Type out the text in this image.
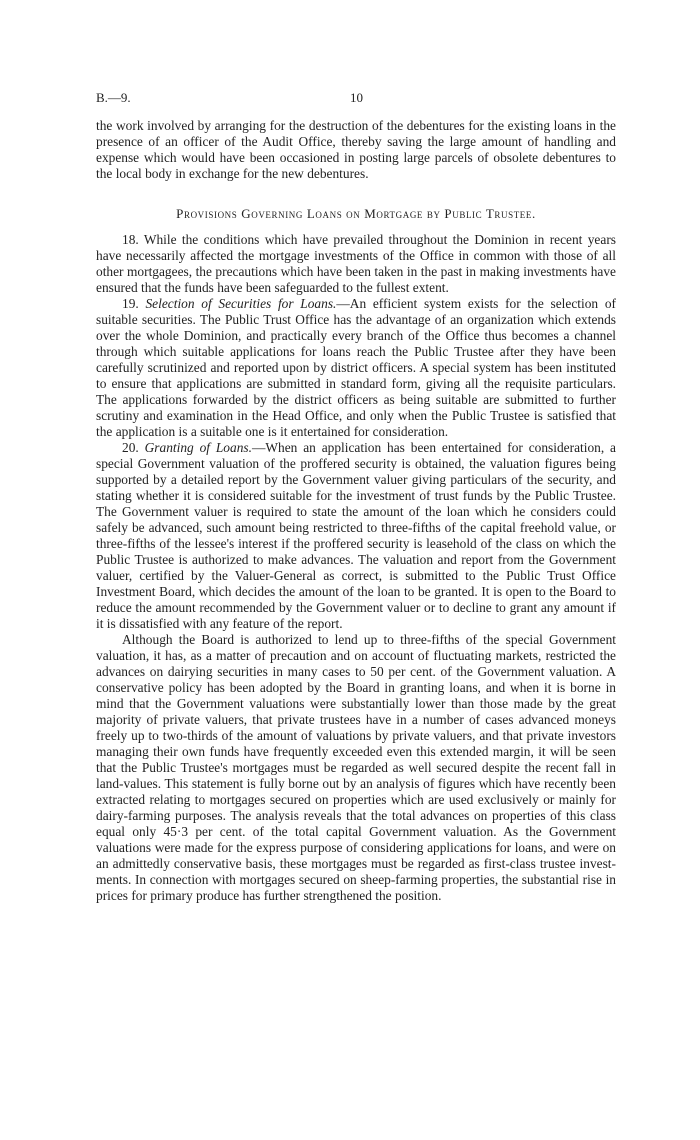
B.—9.	10

the work involved by arranging for the destruction of the debentures for the existing loans in the presence of an officer of the Audit Office, thereby saving the large amount of handling and expense which would have been occasioned in posting large parcels of obsolete debentures to the local body in exchange for the new debentures.

Provisions Governing Loans on Mortgage by Public Trustee.

18. While the conditions which have prevailed throughout the Dominion in recent years have necessarily affected the mortgage investments of the Office in common with those of all other mortgagees, the precautions which have been taken in the past in making investments have ensured that the funds have been safeguarded to the fullest extent.

19. Selection of Securities for Loans.—An efficient system exists for the selection of suitable securities. The Public Trust Office has the advantage of an organization which extends over the whole Dominion, and practically every branch of the Office thus becomes a channel through which suitable applications for loans reach the Public Trustee after they have been carefully scrutinized and reported upon by district officers. A special system has been instituted to ensure that applications are submitted in standard form, giving all the requisite particulars. The applications forwarded by the district officers as being suitable are submitted to further scrutiny and examination in the Head Office, and only when the Public Trustee is satisfied that the application is a suitable one is it entertained for consideration.

20. Granting of Loans.—When an application has been entertained for consideration, a special Government valuation of the proffered security is obtained, the valuation figures being supported by a detailed report by the Government valuer giving particulars of the security, and stating whether it is considered suitable for the investment of trust funds by the Public Trustee. The Government valuer is required to state the amount of the loan which he considers could safely be advanced, such amount being restricted to three-fifths of the capital freehold value, or three-fifths of the lessee's interest if the proffered security is leasehold of the class on which the Public Trustee is authorized to make advances. The valuation and report from the Government valuer, certified by the Valuer-General as correct, is submitted to the Public Trust Office Investment Board, which decides the amount of the loan to be granted. It is open to the Board to reduce the amount recommended by the Government valuer or to decline to grant any amount if it is dissatisfied with any feature of the report.

Although the Board is authorized to lend up to three-fifths of the special Government valuation, it has, as a matter of precaution and on account of fluctuating markets, restricted the advances on dairying securities in many cases to 50 per cent. of the Government valuation. A conservative policy has been adopted by the Board in granting loans, and when it is borne in mind that the Government valuations were substantially lower than those made by the great majority of private valuers, that private trustees have in a number of cases advanced moneys freely up to two-thirds of the amount of valuations by private valuers, and that private investors managing their own funds have frequently exceeded even this extended margin, it will be seen that the Public Trustee's mortgages must be regarded as well secured despite the recent fall in land-values. This statement is fully borne out by an analysis of figures which have recently been extracted relating to mortgages secured on properties which are used exclusively or mainly for dairy-farming purposes. The analysis reveals that the total advances on properties of this class equal only 45·3 per cent. of the total capital Government valuation. As the Government valuations were made for the express purpose of considering applications for loans, and were on an admittedly conservative basis, these mortgages must be regarded as first-class trustee investments. In connection with mortgages secured on sheep-farming properties, the substantial rise in prices for primary produce has further strengthened the position.
